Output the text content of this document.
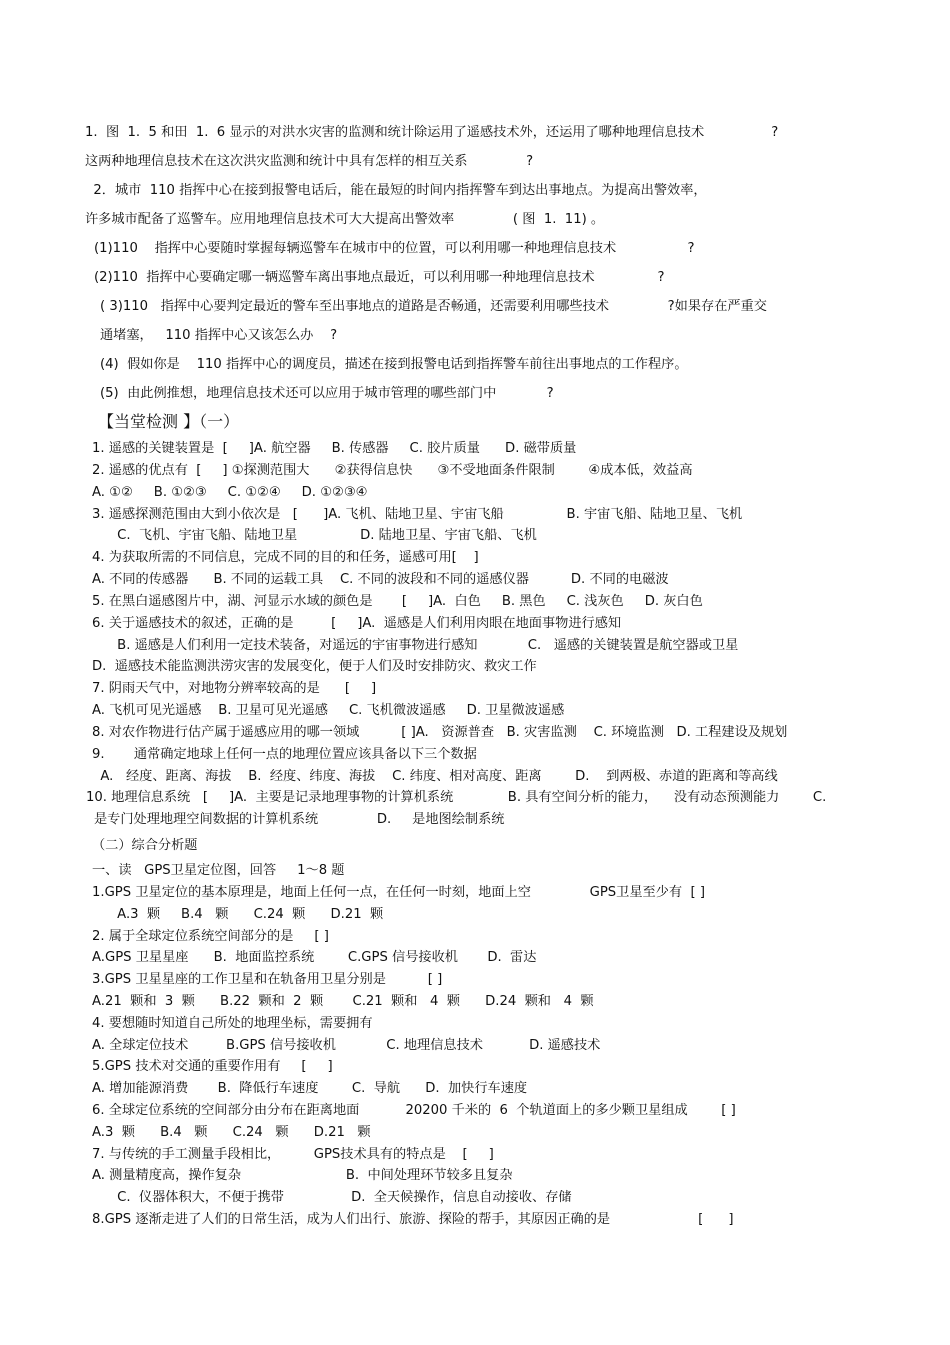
1.  图  1.  5 和田  1.  6 显示的对洪水灾害的监测和统计除运用了遥感技术外，还运用了哪种地理信息技术                ?
这两种地理信息技术在这次洪灾监测和统计中具有怎样的相互关系              ?
2．城市  110 指挥中心在接到报警电话后，能在最短的时间内指挥警车到达出事地点。为提高出警效率，
许多城市配备了巡警车。应用地理信息技术可大大提高出警效率              ( 图  1.  11) 。
(1)110    指挥中心要随时掌握每辆巡警车在城市中的位置，可以利用哪一种地理信息技术                 ?
(2)110  指挥中心要确定哪一辆巡警车离出事地点最近，可以利用哪一种地理信息技术               ?
( 3)110   指挥中心要判定最近的警车至出事地点的道路是否畅通，还需要利用哪些技术              ?如果存在严重交
通堵塞，   110 指挥中心又该怎么办    ?
(4)  假如你是    110 指挥中心的调度员，描述在接到报警电话到指挥警车前往出事地点的工作程序。
(5)  由此例推想，地理信息技术还可以应用于城市管理的哪些部门中            ?
【当堂检测 】（一）
1. 遥感的关键装置是  [     ]A. 航空器     B. 传感器     C. 胶片质量      D. 磁带质量
2. 遥感的优点有  [     ] ①探测范围大      ②获得信息快      ③不受地面条件限制        ④成本低，效益高
A. ①②     B. ①②③     C. ①②④     D. ①②③④
3. 遥感探测范围由大到小依次是   [      ]A. 飞机、陆地卫星、宇宙飞船               B. 宇宙飞船、陆地卫星、飞机
C.  飞机、宇宙飞船、陆地卫星               D. 陆地卫星、宇宙飞船、飞机
4. 为获取所需的不同信息，完成不同的目的和任务，遥感可用[    ]
A. 不同的传感器      B. 不同的运载工具    C. 不同的波段和不同的遥感仪器          D. 不同的电磁波
5. 在黑白遥感图片中，湖、河显示水域的颜色是       [     ]A.  白色     B. 黑色     C. 浅灰色     D. 灰白色
6. 关于遥感技术的叙述，正确的是         [     ]A.  遥感是人们利用肉眼在地面事物进行感知
B. 遥感是人们利用一定技术装备，对遥远的宇宙事物进行感知            C.   遥感的关键装置是航空器或卫星
D.  遥感技术能监测洪涝灾害的发展变化，便于人们及时安排防灾、救灾工作
7. 阴雨天气中，对地物分辨率较高的是      [     ]
A. 飞机可见光遥感    B. 卫星可见光遥感     C. 飞机微波遥感     D. 卫星微波遥感
8. 对农作物进行估产属于遥感应用的哪一领域          [ ]A.   资源普查   B. 灾害监测    C. 环境监测   D. 工程建设及规划
9.       通常确定地球上任何一点的地理位置应该具备以下三个数据
A.   经度、距离、海拔    B.  经度、纬度、海拔    C. 纬度、相对高度、距离        D.    到两极、赤道的距离和等高线
10. 地理信息系统   [     ]A.  主要是记录地理事物的计算机系统             B. 具有空间分析的能力，    没有动态预测能力        C.
是专门处理地理空间数据的计算机系统              D.     是地图绘制系统
（二）综合分析题
一、读   GPS卫星定位图，回答     1～8 题
1.GPS 卫星定位的基本原理是，地面上任何一点，在任何一时刻，地面上空              GPS卫星至少有  [ ]
A.3  颗     B.4   颗      C.24  颗      D.21  颗
2. 属于全球定位系统空间部分的是     [ ]
A.GPS 卫星星座      B.  地面监控系统        C.GPS 信号接收机       D.  雷达
3.GPS 卫星星座的工作卫星和在轨备用卫星分别是          [ ]
A.21  颗和  3  颗      B.22  颗和  2  颗       C.21  颗和   4  颗      D.24  颗和   4  颗
4. 要想随时知道自己所处的地理坐标，需要拥有
A. 全球定位技术         B.GPS 信号接收机            C. 地理信息技术           D. 遥感技术
5.GPS 技术对交通的重要作用有     [     ]
A. 增加能源消费       B.  降低行车速度        C.  导航      D.  加快行车速度
6. 全球定位系统的空间部分由分布在距离地面           20200 千米的  6  个轨道面上的多少颗卫星组成        [ ]
A.3  颗      B.4   颗      C.24   颗      D.21   颗
7. 与传统的手工测量手段相比，        GPS技术具有的特点是    [     ]
A. 测量精度高，操作复杂                         B.  中间处理环节较多且复杂
C.  仪器体积大，不便于携带                D.  全天候操作，信息自动接收、存储
8.GPS 逐渐走进了人们的日常生活，成为人们出行、旅游、探险的帮手，其原因正确的是                     [      ]
